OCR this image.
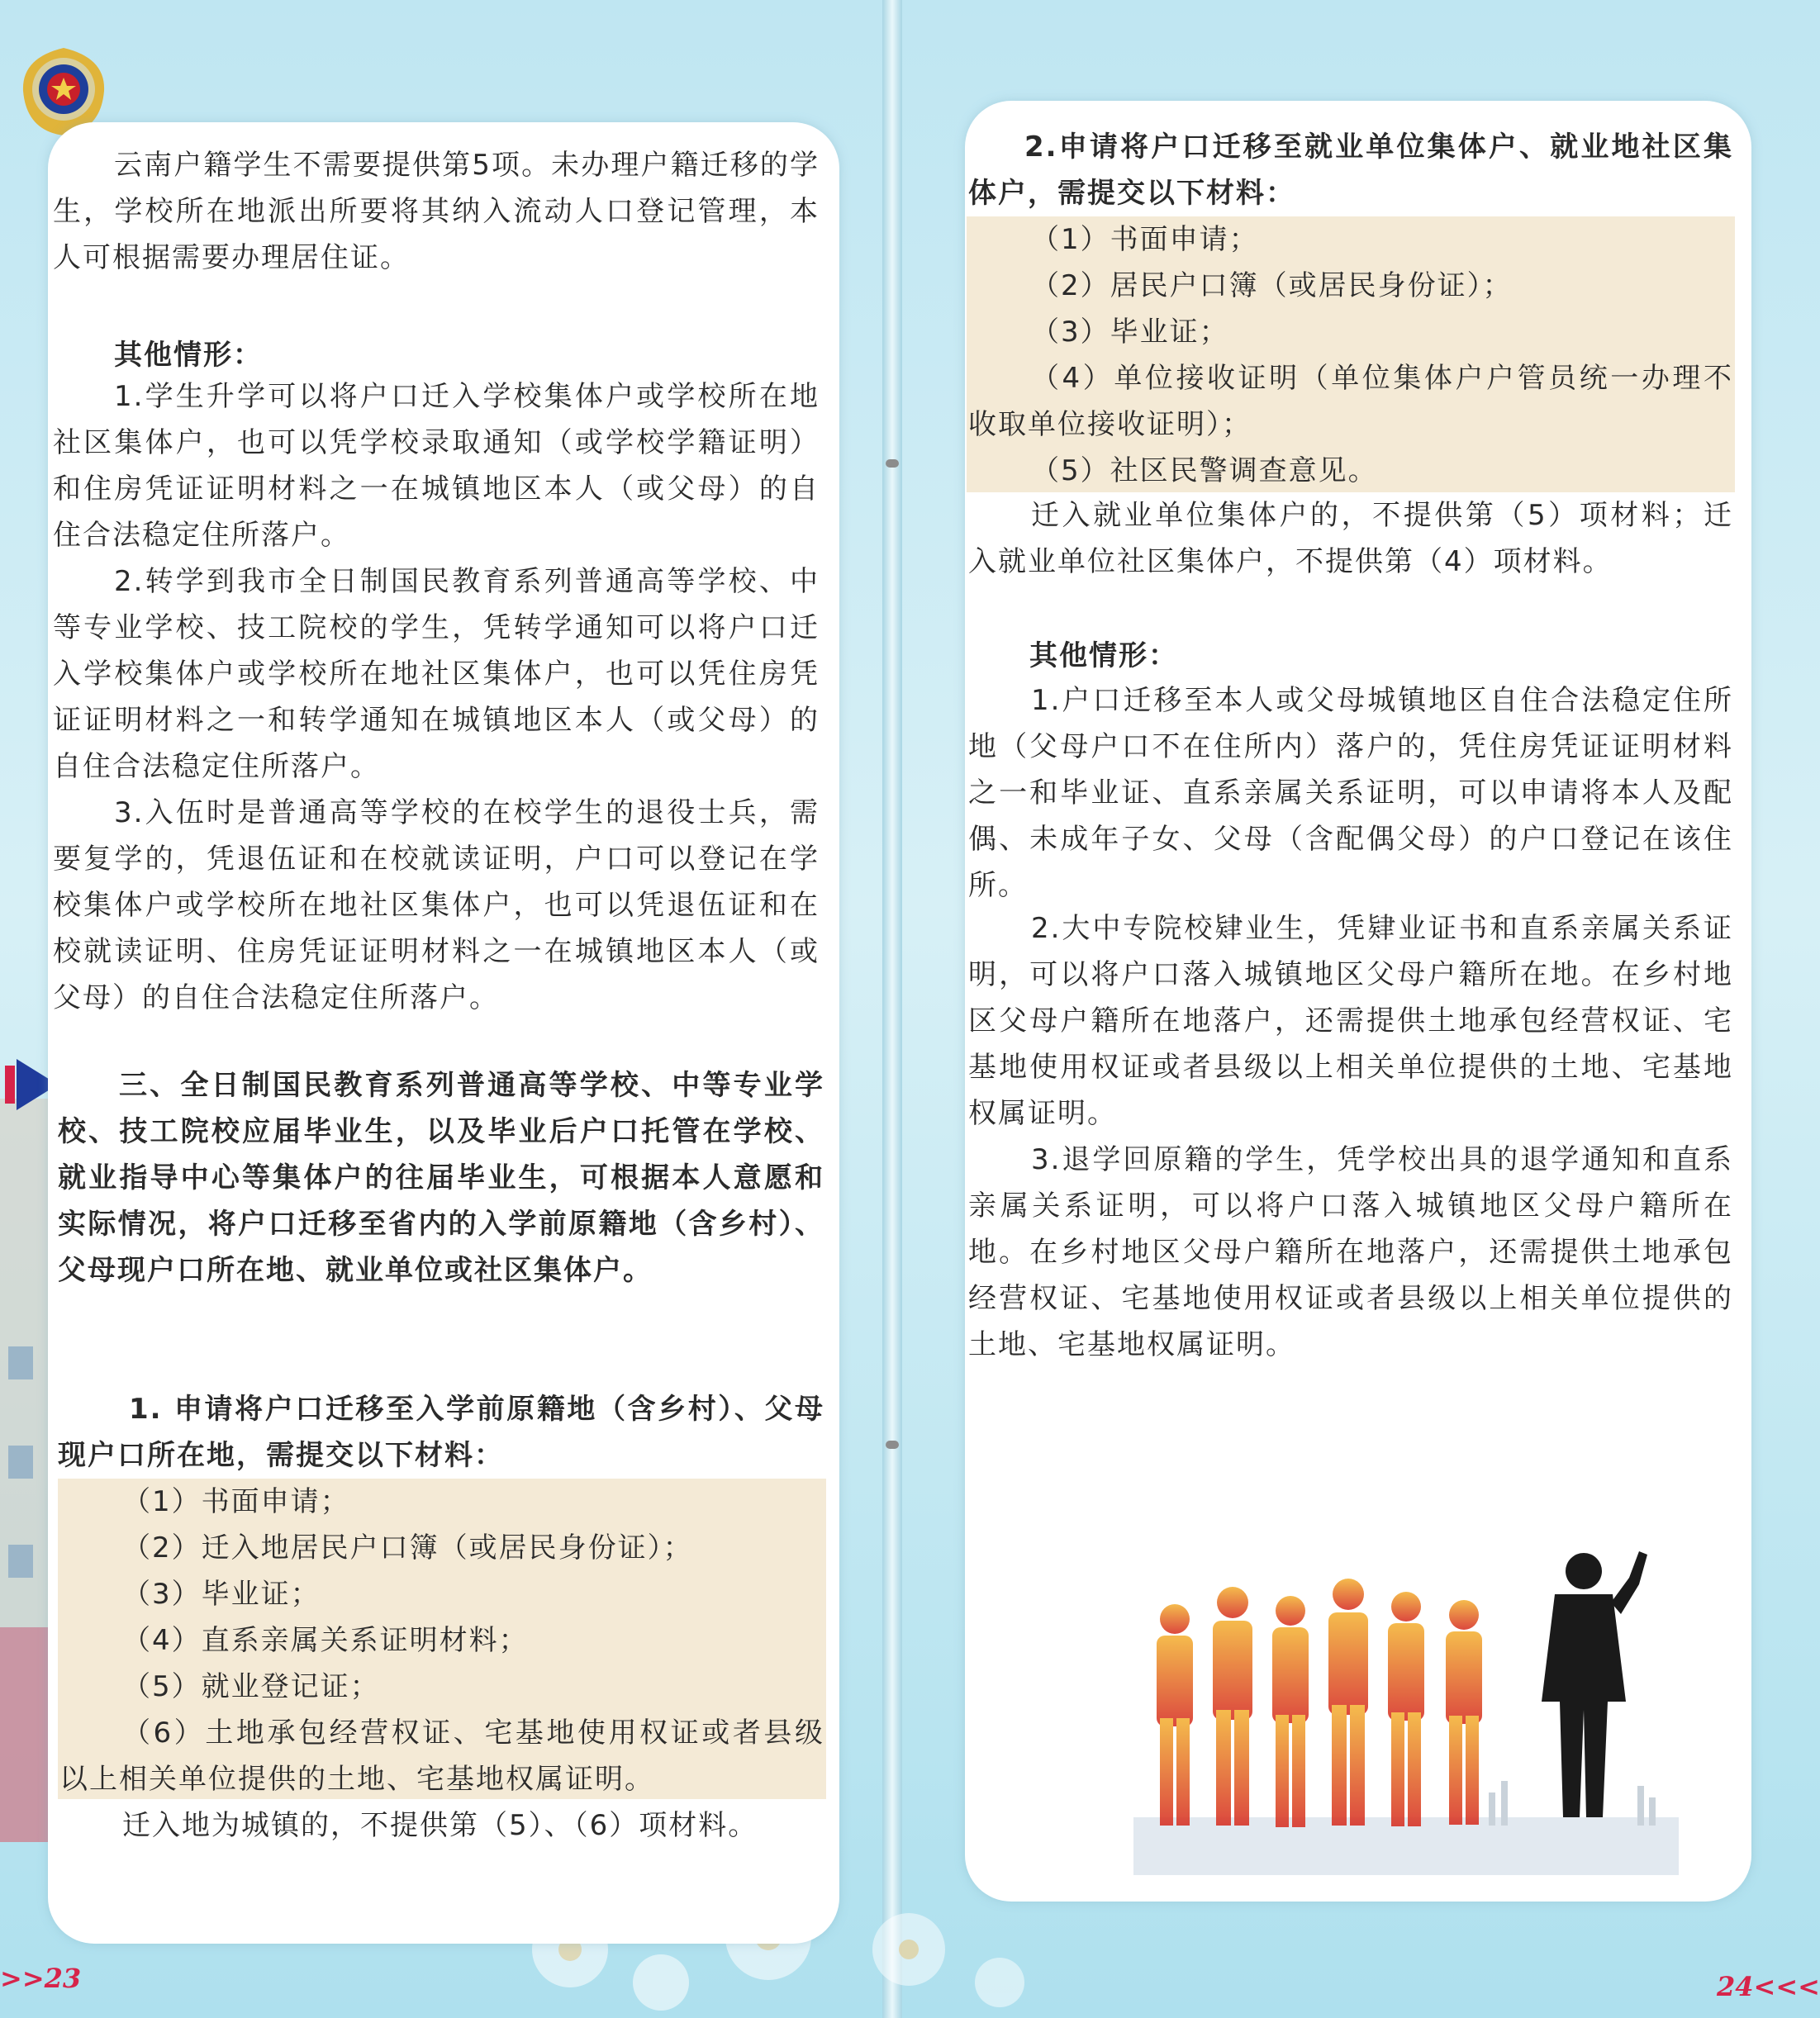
云南户籍学生不需要提供第5项。未办理户籍迁移的学生，学校所在地派出所要将其纳入流动人口登记管理，本人可根据需要办理居住证。

其他情形：

1.学生升学可以将户口迁入学校集体户或学校所在地社区集体户，也可以凭学校录取通知（或学校学籍证明）和住房凭证证明材料之一在城镇地区本人（或父母）的自住合法稳定住所落户。

2.转学到我市全日制国民教育系列普通高等学校、中等专业学校、技工院校的学生，凭转学通知可以将户口迁入学校集体户或学校所在地社区集体户，也可以凭住房凭证证明材料之一和转学通知在城镇地区本人（或父母）的自住合法稳定住所落户。

3.入伍时是普通高等学校的在校学生的退役士兵，需要复学的，凭退伍证和在校就读证明，户口可以登记在学校集体户或学校所在地社区集体户，也可以凭退伍证和在校就读证明、住房凭证证明材料之一在城镇地区本人（或父母）的自住合法稳定住所落户。

三、全日制国民教育系列普通高等学校、中等专业学校、技工院校应届毕业生，以及毕业后户口托管在学校、就业指导中心等集体户的往届毕业生，可根据本人意愿和实际情况，将户口迁移至省内的入学前原籍地（含乡村）、父母现户口所在地、就业单位或社区集体户。

1. 申请将户口迁移至入学前原籍地（含乡村）、父母现户口所在地，需提交以下材料：

（1）书面申请；

（2）迁入地居民户口簿（或居民身份证）；

（3）毕业证；

（4）直系亲属关系证明材料；

（5）就业登记证；

（6）土地承包经营权证、宅基地使用权证或者县级以上相关单位提供的土地、宅基地权属证明。

迁入地为城镇的，不提供第（5）、（6）项材料。

>>23

2.申请将户口迁移至就业单位集体户、就业地社区集体户，需提交以下材料：

（1）书面申请；

（2）居民户口簿（或居民身份证）；

（3）毕业证；

（4）单位接收证明（单位集体户户管员统一办理不收取单位接收证明）；

（5）社区民警调查意见。

迁入就业单位集体户的，不提供第（5）项材料；迁入就业单位社区集体户，不提供第（4）项材料。

其他情形：

1.户口迁移至本人或父母城镇地区自住合法稳定住所地（父母户口不在住所内）落户的，凭住房凭证证明材料之一和毕业证、直系亲属关系证明，可以申请将本人及配偶、未成年子女、父母（含配偶父母）的户口登记在该住所。

2.大中专院校肄业生，凭肄业证书和直系亲属关系证明，可以将户口落入城镇地区父母户籍所在地。在乡村地区父母户籍所在地落户，还需提供土地承包经营权证、宅基地使用权证或者县级以上相关单位提供的土地、宅基地权属证明。

3.退学回原籍的学生，凭学校出具的退学通知和直系亲属关系证明，可以将户口落入城镇地区父母户籍所在地。在乡村地区父母户籍所在地落户，还需提供土地承包经营权证、宅基地使用权证或者县级以上相关单位提供的土地、宅基地权属证明。

24<<<
